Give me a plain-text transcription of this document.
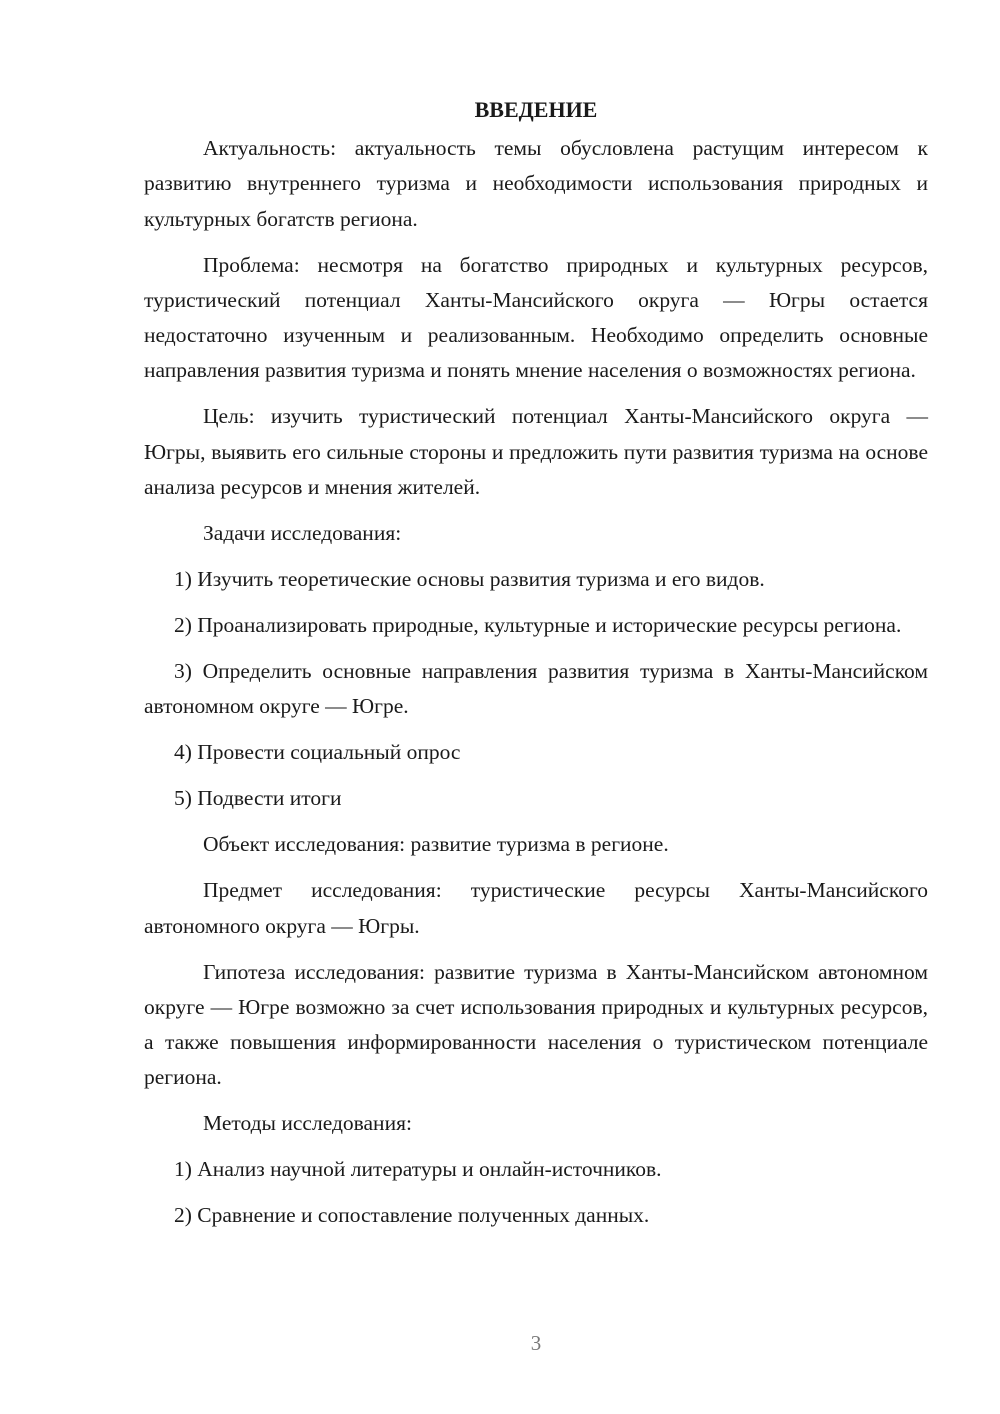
ВВЕДЕНИЕ

Актуальность: актуальность темы обусловлена растущим интересом к развитию внутреннего туризма и необходимости использования природных и культурных богатств региона.

Проблема: несмотря на богатство природных и культурных ресурсов, туристический потенциал Ханты-Мансийского округа — Югры остается недостаточно изученным и реализованным. Необходимо определить основные направления развития туризма и понять мнение населения о возможностях региона.

Цель: изучить туристический потенциал Ханты-Мансийского округа — Югры, выявить его сильные стороны и предложить пути развития туризма на основе анализа ресурсов и мнения жителей.

Задачи исследования:

1) Изучить теоретические основы развития туризма и его видов.

2) Проанализировать природные, культурные и исторические ресурсы региона.

3) Определить основные направления развития туризма в Ханты-Мансийском автономном округе — Югре.

4) Провести социальный опрос

5) Подвести итоги

Объект исследования: развитие туризма в регионе.

Предмет исследования: туристические ресурсы Ханты-Мансийского автономного округа — Югры.

Гипотеза исследования: развитие туризма в Ханты-Мансийском автономном округе — Югре возможно за счет использования природных и культурных ресурсов, а также повышения информированности населения о туристическом потенциале региона.

Методы исследования:

1) Анализ научной литературы и онлайн-источников.

2) Сравнение и сопоставление полученных данных.

3
